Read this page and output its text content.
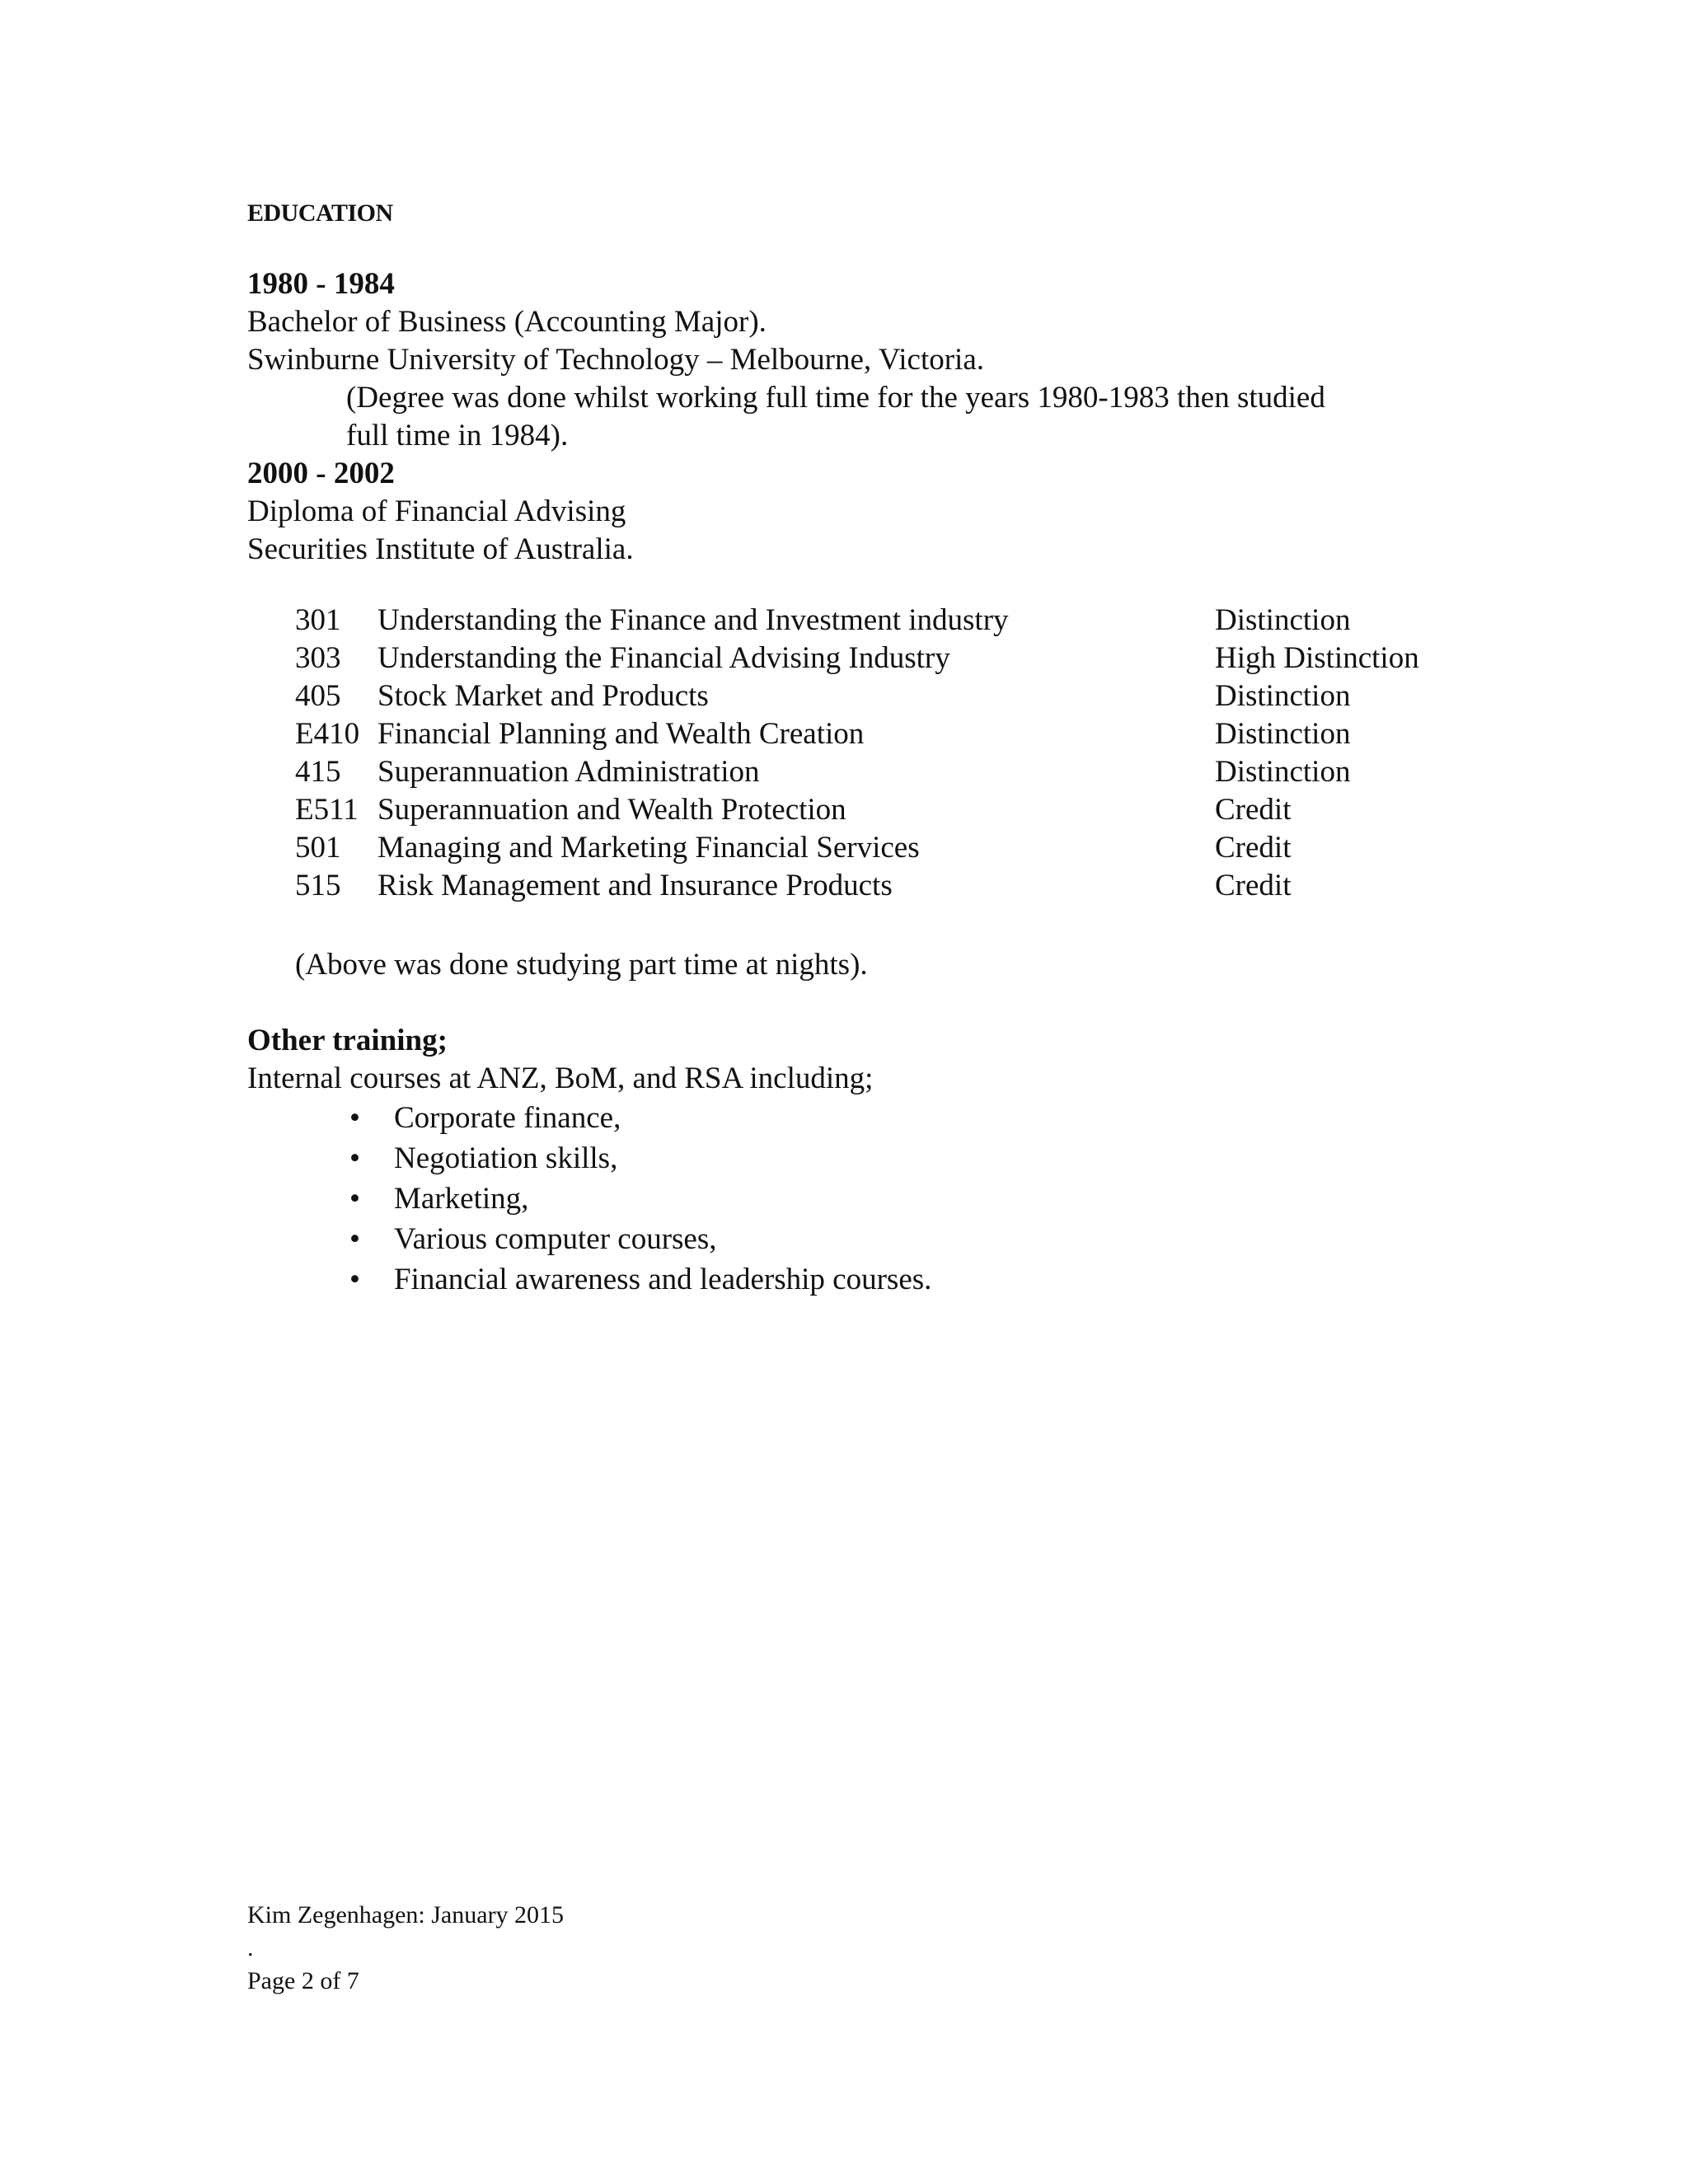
EDUCATION
1980 - 1984
Bachelor of Business (Accounting Major).
Swinburne University of Technology – Melbourne, Victoria.
(Degree was done whilst working full time for the years 1980-1983 then studied
full time in 1984).
2000 - 2002
Diploma of Financial Advising
Securities Institute of Australia.
301	Understanding the Finance and Investment industry	Distinction
303	Understanding the Financial Advising Industry	High Distinction
405	Stock Market and Products	Distinction
E410 Financial Planning and Wealth Creation	Distinction
415	Superannuation Administration	Distinction
E511 Superannuation and Wealth Protection	Credit
501	Managing and Marketing Financial Services	Credit
515	Risk Management and Insurance Products	Credit
(Above was done studying part time at nights).
Other training;
Internal courses at ANZ, BoM, and RSA including;
• Corporate finance,
• Negotiation skills,
• Marketing,
• Various computer courses,
• Financial awareness and leadership courses.
Kim Zegenhagen: January 2015
.
Page 2 of 7
